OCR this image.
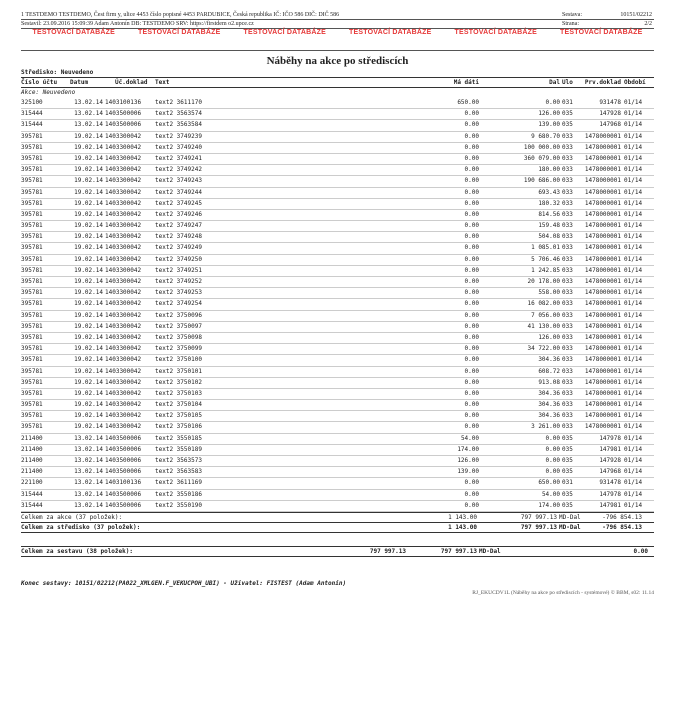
1 TESTDEMO TESTDEMO, Čest firm y, ulice 4453 číslo popisné 4453 PARDUBICE, Česká republika IČ: IČO 586 DIČ: DIČ 586	Sestava:	10151/02212
Sestavil: 23.09.2016 15:09:39 Adam Antonín DB: TESTDEMO SRV: https://firstdem o2.upce.cz	Strana:	2/2
TESTOVACÍ DATABÁZE	TESTOVACÍ DATABÁZE	TESTOVACÍ DATABÁZE	TESTOVACÍ DATABÁZE	TESTOVACÍ DATABÁZE	TESTOVACÍ DATABÁZE
Náběhy na akce po střediscích
Středisko: Neuvedeno
Číslo účtu	Datum	Úč.doklad	Text	Má dáti	Dal Ulo	Prv.doklad Období
Akce: Neuvedeno
325100	13.02.14 1403100136	text2 3611170	650.00	0.00 031	931478 01/14
315444	13.02.14 1403500006	text2 3563574	0.00	126.00 035	147928 01/14
315444	13.02.14 1403500006	text2 3563584	0.00	139.00 035	147968 01/14
395781	19.02.14 1403300042	text2 3749239	0.00	9 680.70 033	1478000001 01/14
395781	19.02.14 1403300042	text2 3749240	0.00	100 000.00 033	1478000001 01/14
395781	19.02.14 1403300042	text2 3749241	0.00	360 079.00 033	1478000001 01/14
395781	19.02.14 1403300042	text2 3749242	0.00	180.00 033	1478000001 01/14
395781	19.02.14 1403300042	text2 3749243	0.00	190 686.00 033	1478000001 01/14
395781	19.02.14 1403300042	text2 3749244	0.00	693.43 033	1478000001 01/14
395781	19.02.14 1403300042	text2 3749245	0.00	180.32 033	1478000001 01/14
395781	19.02.14 1403300042	text2 3749246	0.00	814.56 033	1478000001 01/14
395781	19.02.14 1403300042	text2 3749247	0.00	159.48 033	1478000001 01/14
395781	19.02.14 1403300042	text2 3749248	0.00	504.08 033	1478000001 01/14
395781	19.02.14 1403300042	text2 3749249	0.00	1 085.01 033	1478000001 01/14
395781	19.02.14 1403300042	text2 3749250	0.00	5 706.46 033	1478000001 01/14
395781	19.02.14 1403300042	text2 3749251	0.00	1 242.85 033	1478000001 01/14
395781	19.02.14 1403300042	text2 3749252	0.00	20 178.00 033	1478000001 01/14
395781	19.02.14 1403300042	text2 3749253	0.00	558.00 033	1478000001 01/14
395781	19.02.14 1403300042	text2 3749254	0.00	16 082.00 033	1478000001 01/14
395781	19.02.14 1403300042	text2 3750096	0.00	7 056.00 033	1478000001 01/14
395781	19.02.14 1403300042	text2 3750097	0.00	41 130.00 033	1478000001 01/14
395781	19.02.14 1403300042	text2 3750098	0.00	126.00 033	1478000001 01/14
395781	19.02.14 1403300042	text2 3750099	0.00	34 722.00 033	1478000001 01/14
395781	19.02.14 1403300042	text2 3750100	0.00	304.36 033	1478000001 01/14
395781	19.02.14 1403300042	text2 3750101	0.00	608.72 033	1478000001 01/14
395781	19.02.14 1403300042	text2 3750102	0.00	913.08 033	1478000001 01/14
395781	19.02.14 1403300042	text2 3750103	0.00	304.36 033	1478000001 01/14
395781	19.02.14 1403300042	text2 3750104	0.00	304.36 033	1478000001 01/14
395781	19.02.14 1403300042	text2 3750105	0.00	304.36 033	1478000001 01/14
395781	19.02.14 1403300042	text2 3750106	0.00	3 261.00 033	1478000001 01/14
211400	13.02.14 1403500006	text2 3550185	54.00	0.00 035	147978 01/14
211400	13.02.14 1403500006	text2 3550189	174.00	0.00 035	147981 01/14
211400	13.02.14 1403500006	text2 3563573	126.00	0.00 035	147928 01/14
211400	13.02.14 1403500006	text2 3563583	139.00	0.00 035	147968 01/14
221100	13.02.14 1403100136	text2 3611169	0.00	650.00 031	931478 01/14
315444	13.02.14 1403500006	text2 3550186	0.00	54.00 035	147978 01/14
315444	13.02.14 1403500006	text2 3550190	0.00	174.00 035	147981 01/14
Celkem za akce (37 položek):	1 143.00	797 997.13 MD-Dal	-796 854.13
Celkem za středisko (37 položek):	1 143.00	797 997.13 MD-Dal	-796 854.13
Celkem za sestavu (38 položek):	797 997.13	797 997.13 MD-Dal	0.00
Konec sestavy: 10151/02212(PA022_XMLGEN.F_VEKUCPOH_UBI) - Uživatel: FISTEST (Adam Antonín)
RJ_EKUCDV1L (Náběhy na akce po střediscích - systémové) © BBM, s02: 11.14
